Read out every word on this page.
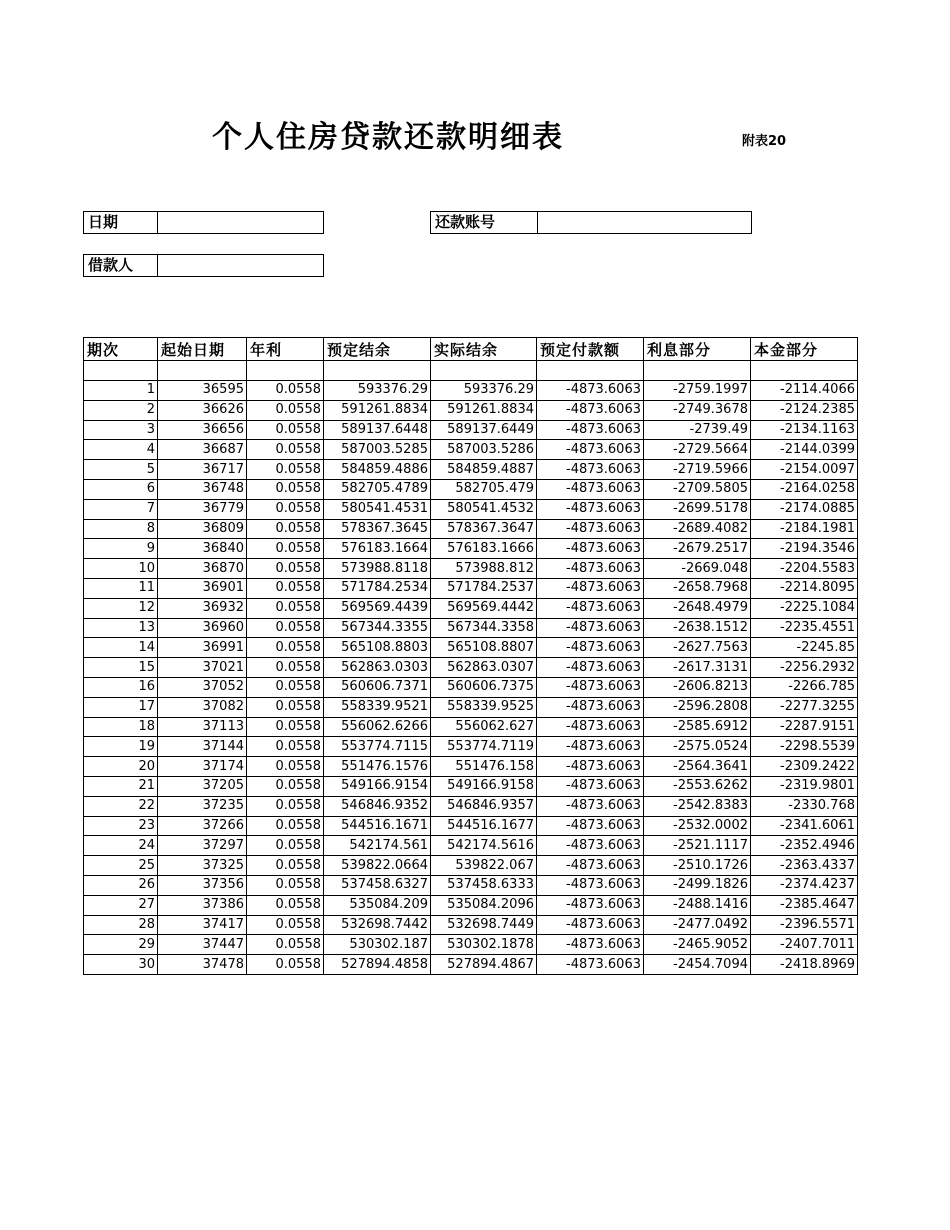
个人住房贷款还款明细表	附表20
日期	还款账号
借款人
期次	起始日期	年利	预定结余	实际结余	预定付款额	利息部分	本金部分

1	36595	0.0558	593376.29	593376.29	-4873.6063	-2759.1997	-2114.4066
2	36626	0.0558	591261.8834	591261.8834	-4873.6063	-2749.3678	-2124.2385
3	36656	0.0558	589137.6448	589137.6449	-4873.6063	-2739.49	-2134.1163
4	36687	0.0558	587003.5285	587003.5286	-4873.6063	-2729.5664	-2144.0399
5	36717	0.0558	584859.4886	584859.4887	-4873.6063	-2719.5966	-2154.0097
6	36748	0.0558	582705.4789	582705.479	-4873.6063	-2709.5805	-2164.0258
7	36779	0.0558	580541.4531	580541.4532	-4873.6063	-2699.5178	-2174.0885
8	36809	0.0558	578367.3645	578367.3647	-4873.6063	-2689.4082	-2184.1981
9	36840	0.0558	576183.1664	576183.1666	-4873.6063	-2679.2517	-2194.3546
10	36870	0.0558	573988.8118	573988.812	-4873.6063	-2669.048	-2204.5583
11	36901	0.0558	571784.2534	571784.2537	-4873.6063	-2658.7968	-2214.8095
12	36932	0.0558	569569.4439	569569.4442	-4873.6063	-2648.4979	-2225.1084
13	36960	0.0558	567344.3355	567344.3358	-4873.6063	-2638.1512	-2235.4551
14	36991	0.0558	565108.8803	565108.8807	-4873.6063	-2627.7563	-2245.85
15	37021	0.0558	562863.0303	562863.0307	-4873.6063	-2617.3131	-2256.2932
16	37052	0.0558	560606.7371	560606.7375	-4873.6063	-2606.8213	-2266.785
17	37082	0.0558	558339.9521	558339.9525	-4873.6063	-2596.2808	-2277.3255
18	37113	0.0558	556062.6266	556062.627	-4873.6063	-2585.6912	-2287.9151
19	37144	0.0558	553774.7115	553774.7119	-4873.6063	-2575.0524	-2298.5539
20	37174	0.0558	551476.1576	551476.158	-4873.6063	-2564.3641	-2309.2422
21	37205	0.0558	549166.9154	549166.9158	-4873.6063	-2553.6262	-2319.9801
22	37235	0.0558	546846.9352	546846.9357	-4873.6063	-2542.8383	-2330.768
23	37266	0.0558	544516.1671	544516.1677	-4873.6063	-2532.0002	-2341.6061
24	37297	0.0558	542174.561	542174.5616	-4873.6063	-2521.1117	-2352.4946
25	37325	0.0558	539822.0664	539822.067	-4873.6063	-2510.1726	-2363.4337
26	37356	0.0558	537458.6327	537458.6333	-4873.6063	-2499.1826	-2374.4237
27	37386	0.0558	535084.209	535084.2096	-4873.6063	-2488.1416	-2385.4647
28	37417	0.0558	532698.7442	532698.7449	-4873.6063	-2477.0492	-2396.5571
29	37447	0.0558	530302.187	530302.1878	-4873.6063	-2465.9052	-2407.7011
30	37478	0.0558	527894.4858	527894.4867	-4873.6063	-2454.7094	-2418.8969
